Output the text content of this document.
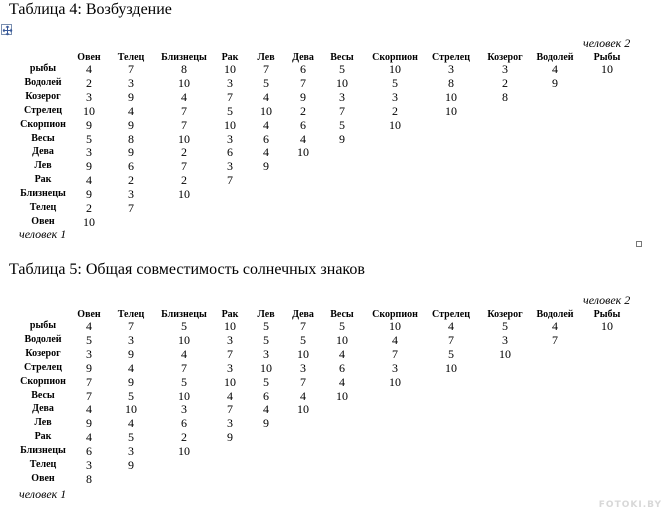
Таблица 4: Возбуздение
человек 2
Овен Телец Близнецы Рак Лев Дева Весы Скорпион Стрелец Козерог Водолей Рыбы
рыбы 4	7	8	10 7	6	5	10	3	3	4	10
Водолей 2	3	10	3	5	7	10	5	8	2	9
Козерог 3	9	4	7	4	9	3	3	10	8
Стрелец 10	4	7	5 10 2	7	2	10
Скорпион 9	9	7	10 4	6	5	10
Весы	5	8	10	3	6	4	9
Дева	3	9	2	6	4 10
Лев	9	6	7	3	9
Рак	4	2	2	7
Близнецы 9	3	10
Телец 2	7
Овен 10
человек 1
Таблица 5: Общая совместимость солнечных знаков
человек 2
Овен Телец Близнецы Рак Лев Дева Весы Скорпион Стрелец Козерог Водолей Рыбы
рыбы 4	7	5	10 5	7	5	10	4	5	4	10
Водолей 5	3	10	3	5	5	10	4	7	3	7
Козерог 3	9	4	7	3 10	4	7	5	10
Стрелец 9	4	7	3 10 3	6	3	10
Скорпион 7	9	5	10 5	7	4	10
Весы	7	5	10	4	6	4	10
Дева	4	10	3	7	4 10
Лев	9	4	6	3	9
Рак	4	5	2	9
Близнецы 6	3	10
Телец 3	9
Овен	8
человек 1
FOTOKI.BY
